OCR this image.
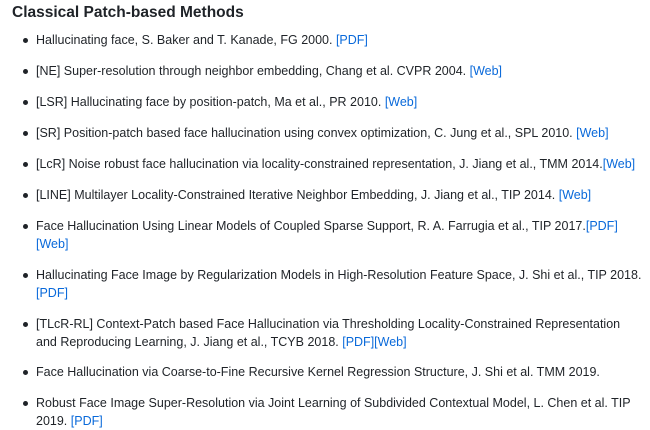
Classical Patch-based Methods
Hallucinating face, S. Baker and T. Kanade, FG 2000. [PDF]
[NE] Super-resolution through neighbor embedding, Chang et al. CVPR 2004. [Web]
[LSR] Hallucinating face by position-patch, Ma et al., PR 2010. [Web]
[SR] Position-patch based face hallucination using convex optimization, C. Jung et al., SPL 2010. [Web]
[LcR] Noise robust face hallucination via locality-constrained representation, J. Jiang et al., TMM 2014.[Web]
[LINE] Multilayer Locality-Constrained Iterative Neighbor Embedding, J. Jiang et al., TIP 2014. [Web]
Face Hallucination Using Linear Models of Coupled Sparse Support, R. A. Farrugia et al., TIP 2017.[PDF][Web]
Hallucinating Face Image by Regularization Models in High-Resolution Feature Space, J. Shi et al., TIP 2018. [PDF]
[TLcR-RL] Context-Patch based Face Hallucination via Thresholding Locality-Constrained Representation and Reproducing Learning, J. Jiang et al., TCYB 2018. [PDF][Web]
Face Hallucination via Coarse-to-Fine Recursive Kernel Regression Structure, J. Shi et al. TMM 2019.
Robust Face Image Super-Resolution via Joint Learning of Subdivided Contextual Model, L. Chen et al. TIP 2019. [PDF]
